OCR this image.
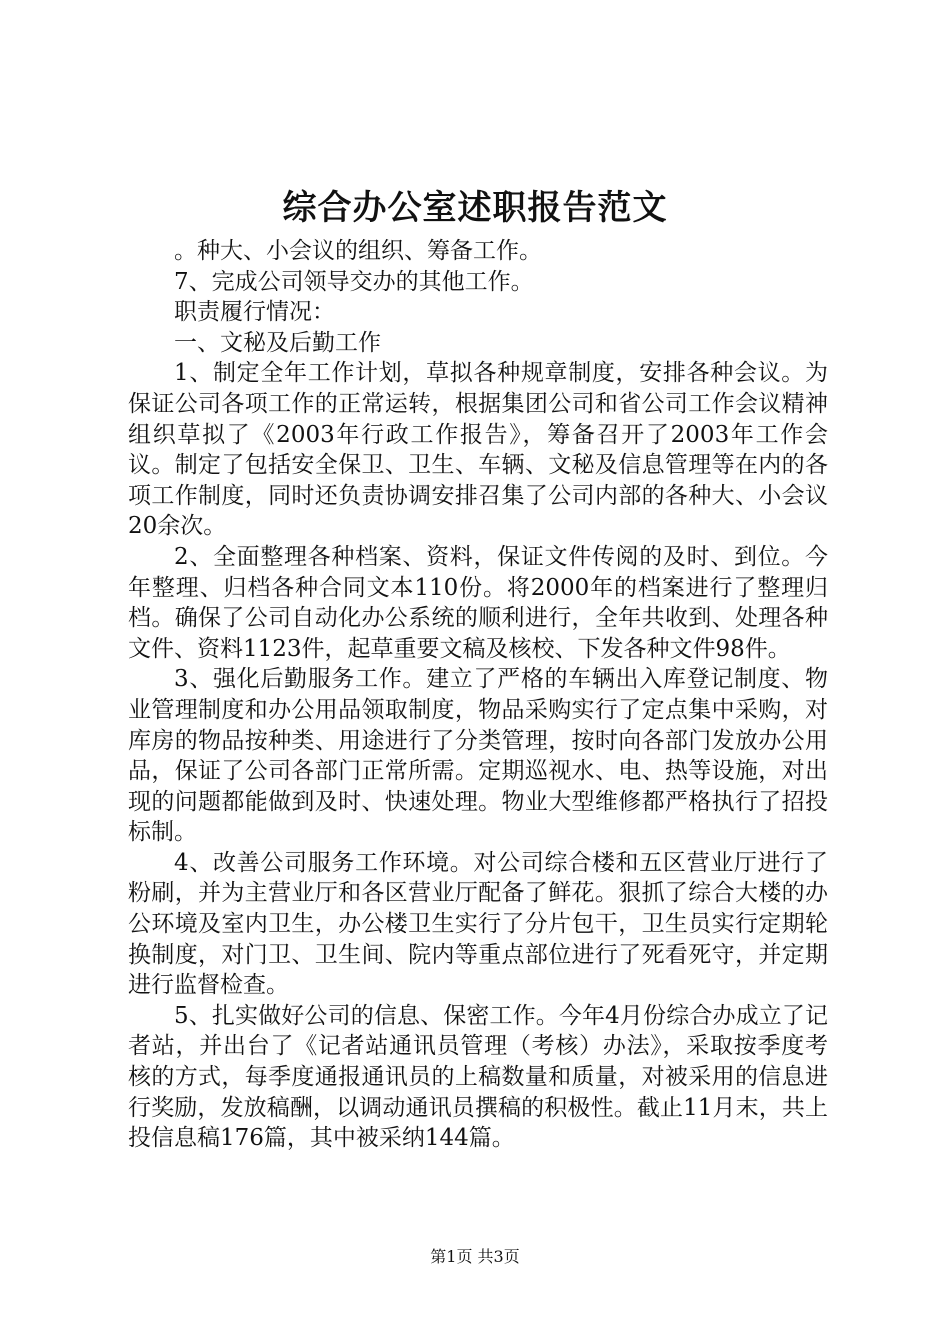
综合办公室述职报告范文

。种大、小会议的组织、筹备工作。

7、完成公司领导交办的其他工作。

职责履行情况：

一、文秘及后勤工作

1、制定全年工作计划，草拟各种规章制度，安排各种会议。为保证公司各项工作的正常运转，根据集团公司和省公司工作会议精神组织草拟了《2003年行政工作报告》，筹备召开了2003年工作会议。制定了包括安全保卫、卫生、车辆、文秘及信息管理等在内的各项工作制度，同时还负责协调安排召集了公司内部的各种大、小会议20余次。

2、全面整理各种档案、资料，保证文件传阅的及时、到位。今年整理、归档各种合同文本110份。将2000年的档案进行了整理归档。确保了公司自动化办公系统的顺利进行，全年共收到、处理各种文件、资料1123件，起草重要文稿及核校、下发各种文件98件。

3、强化后勤服务工作。建立了严格的车辆出入库登记制度、物业管理制度和办公用品领取制度，物品采购实行了定点集中采购，对库房的物品按种类、用途进行了分类管理，按时向各部门发放办公用品，保证了公司各部门正常所需。定期巡视水、电、热等设施，对出现的问题都能做到及时、快速处理。物业大型维修都严格执行了招投标制。

4、改善公司服务工作环境。对公司综合楼和五区营业厅进行了粉刷，并为主营业厅和各区营业厅配备了鲜花。狠抓了综合大楼的办公环境及室内卫生，办公楼卫生实行了分片包干，卫生员实行定期轮换制度，对门卫、卫生间、院内等重点部位进行了死看死守，并定期进行监督检查。

5、扎实做好公司的信息、保密工作。今年4月份综合办成立了记者站，并出台了《记者站通讯员管理（考核）办法》，采取按季度考核的方式，每季度通报通讯员的上稿数量和质量，对被采用的信息进行奖励，发放稿酬，以调动通讯员撰稿的积极性。截止11月末，共上投信息稿176篇，其中被采纳144篇。

第1页 共3页
